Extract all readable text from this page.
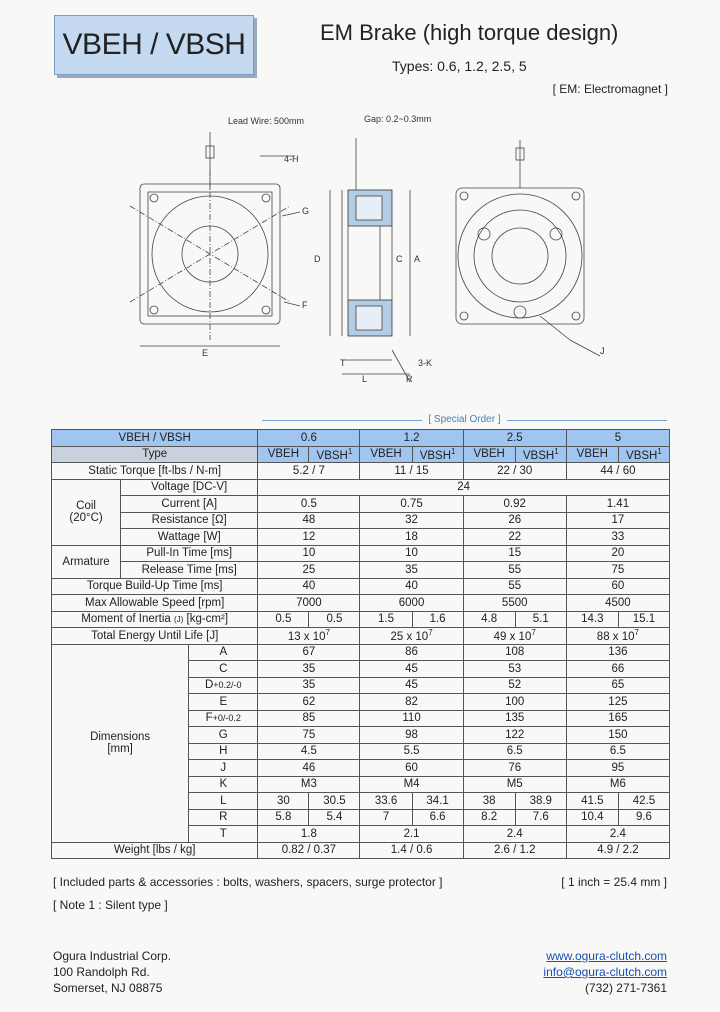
VBEH / VBSH	EM Brake (high torque design)
Types: 0.6, 1.2, 2.5, 5
[ EM: Electromagnet ]
Lead Wire: 500mm	Gap: 0.2~0.3mm
4-H
G
F
E
D	C A
3-K
L	R
T
J
[ Special Order ]
VBEH / VBSH			0.6		1.2		2.5		5	
Type			VBEH	VBSH$^1$	VBEH	VBSH$^1$	VBEH	VBSH$^1$	VBEH	VBSH$^1$
Static Torque [ft-lbs / N-m]			5.2 / 7		11 / 15		22 / 30		44 / 60	
Coil
(20°C)	Voltage [DC-V]		24							
	Current [A]		0.5		0.75		0.92		1.41	
	Resistance [Ω]		48		32		26		17	
	Wattage [W]		12		18		22		33	
Armature	Pull-In Time [ms]		10		10		15		20	
	Release Time [ms]		25		35		55		75	
Torque Build-Up Time [ms]			40		40		55		60	
Max Allowable Speed [rpm]			7000		6000		5500		4500	
Moment of Inertia (J) [kg-cm²]			0.5	0.5	1.5	1.6	4.8	5.1	14.3	15.1
Total Energy Until Life [J]			13 x $10^7$		25 x $10^7$		49 x $10^7$		88 x $10^7$
Dimensions
[mm]		A	67		86		108		136	
		C	35		45		53		66	
		D+0.2/-0	35		45		52		65	
		E	62		82		100		125	
		F+0/-0.2	85		110		135		165	
		G	75		98		122		150	
		H	4.5		5.5		6.5		6.5	
		J	46		60		76		95	
		K	M3		M4		M5		M6	
		L	30	30.5	33.6	34.1	38	38.9	41.5	42.5
		R	5.8	5.4	7	6.6	8.2	7.6	10.4	9.6
		T	1.8		2.1		2.4		2.4	
Weight [lbs / kg]			0.82 / 0.37		1.4 / 0.6		2.6 / 1.2		4.9 / 2.2	
[ Included parts & accessories : bolts, washers, spacers, surge protector ]	[ 1 inch = 25.4 mm ]
[ Note 1 : Silent type ]
Ogura Industrial Corp.
100 Randolph Rd.
Somerset, NJ 08875
www.ogura-clutch.com
info@ogura-clutch.com
(732) 271-7361
